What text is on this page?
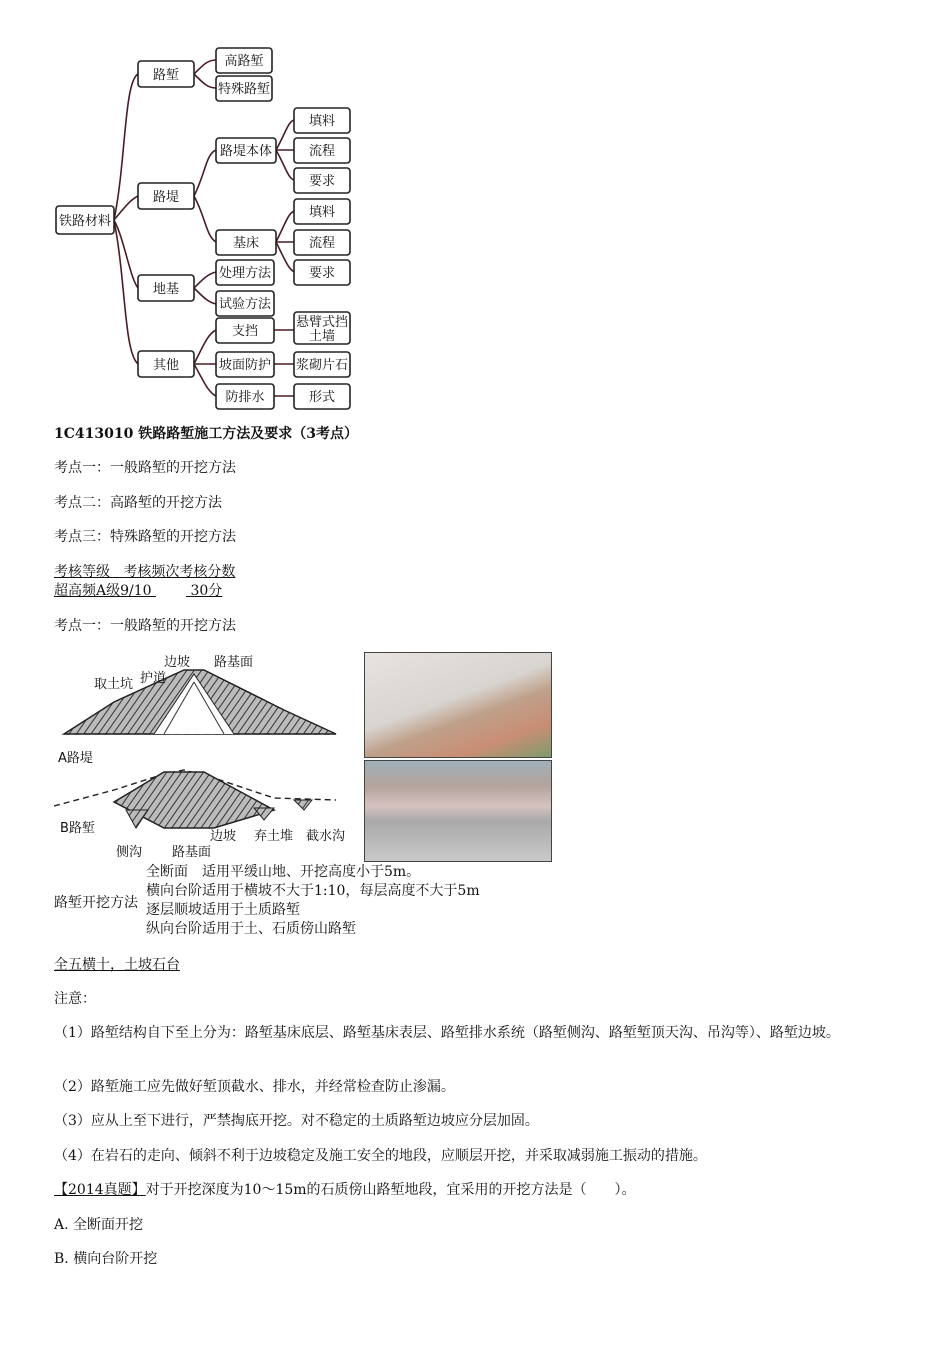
铁路材料
路堑
路堤
地基
其他
高路堑
特殊路堑
路堤本体
基床
处理方法
试验方法
支挡
坡面防护
防排水
填料
流程
要求
填料
流程
要求
悬臂式挡
土墙
浆砌片石
形式
1C413010 铁路路堑施工方法及要求（3考点）
考点一：一般路堑的开挖方法
考点二：高路堑的开挖方法
考点三：特殊路堑的开挖方法
考核等级 考核频次考核分数
超高频A级9/10	30分
考点一：一般路堑的开挖方法
取土坑 护道
边坡 路基面
A路堤
B路堑
侧沟 路基面
边坡 弃土堆 截水沟
路堑开挖方法
全断面　适用平缓山地、开挖高度小于5m。
横向台阶适用于横坡不大于1:10，每层高度不大于5m
逐层顺坡适用于土质路堑
纵向台阶适用于土、石质傍山路堑
全五横十，土坡石台
注意：
（1）路堑结构自下至上分为：路堑基床底层、路堑基床表层、路堑排水系统（路堑侧沟、路堑堑顶天沟、吊沟等）、路堑边坡。
（2）路堑施工应先做好堑顶截水、排水，并经常检查防止渗漏。
（3）应从上至下进行，严禁掏底开挖。对不稳定的土质路堑边坡应分层加固。
（4）在岩石的走向、倾斜不利于边坡稳定及施工安全的地段，应顺层开挖，并采取减弱施工振动的措施。
【2014真题】对于开挖深度为10～15m的石质傍山路堑地段，宜采用的开挖方法是（　　）。
A. 全断面开挖
B. 横向台阶开挖
